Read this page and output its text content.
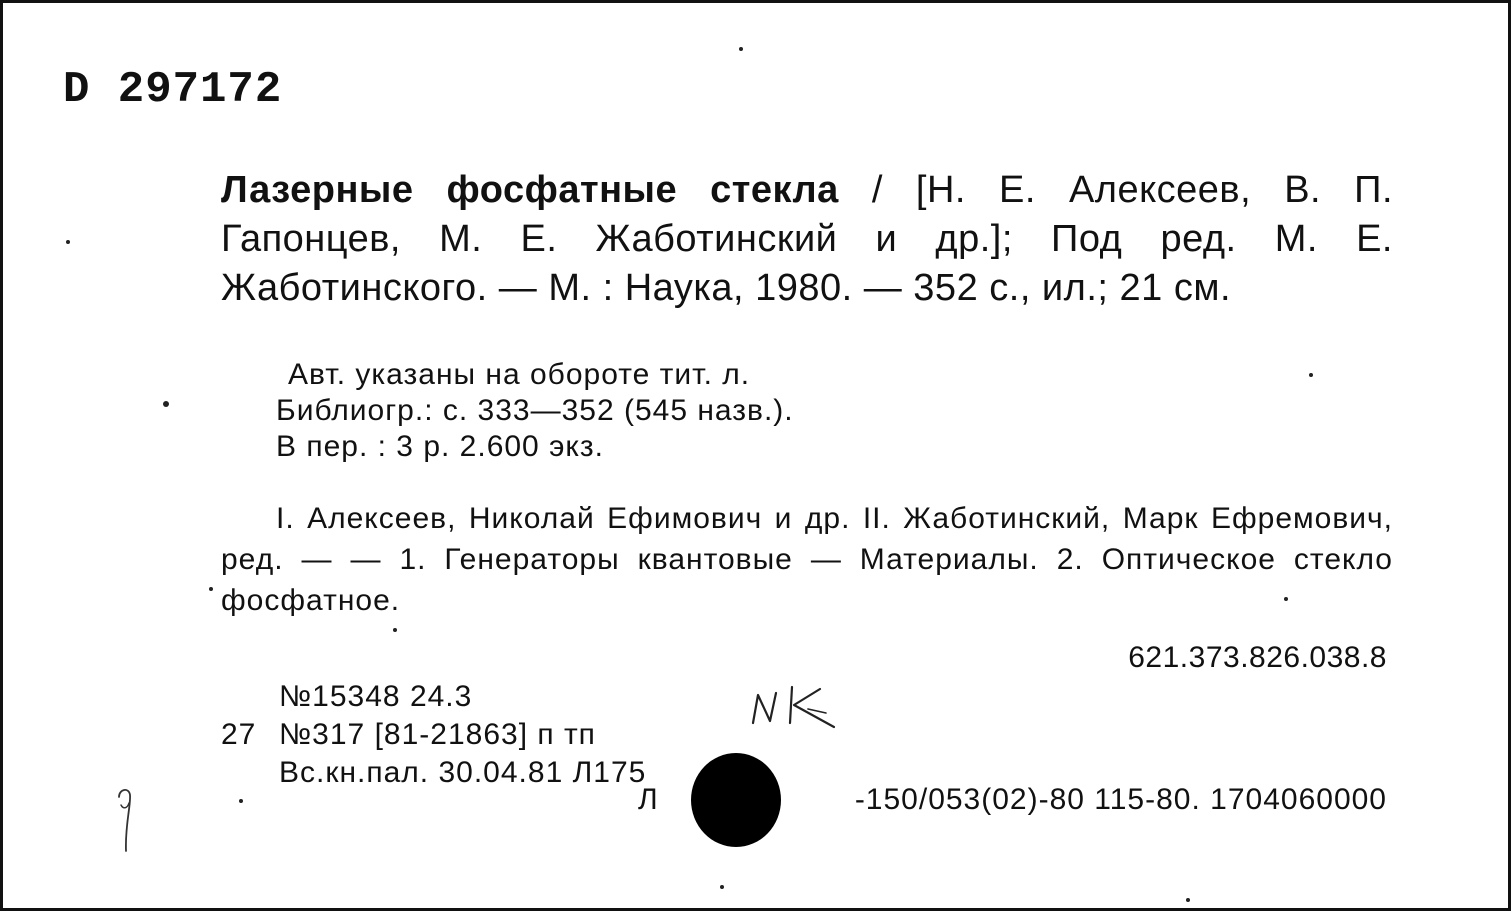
D 297172
Лазерные фосфатные стекла / [Н. Е. Алексеев, В. П. Гапонцев, М. Е. Жаботинский и др.]; Под ред. М. Е. Жаботинского. — М. : Наука, 1980. — 352 с., ил.; 21 см.
Авт. указаны на обороте тит. л.
Библиогр.: с. 333—352 (545 назв.).
В пер. : 3 р. 2.600 экз.
I. Алексеев, Николай Ефимович и др. II. Жаботинский, Марк Ефремович, ред. — — 1. Генераторы квантовые — Материалы. 2. Оптическое стекло фосфатное.
621.373.826.038.8
№15348 24.3
27 №317 [81-21863] п тп
Вс.кн.пал. 30.04.81 Л175
Л	-150/053(02)-80 115-80. 1704060000
